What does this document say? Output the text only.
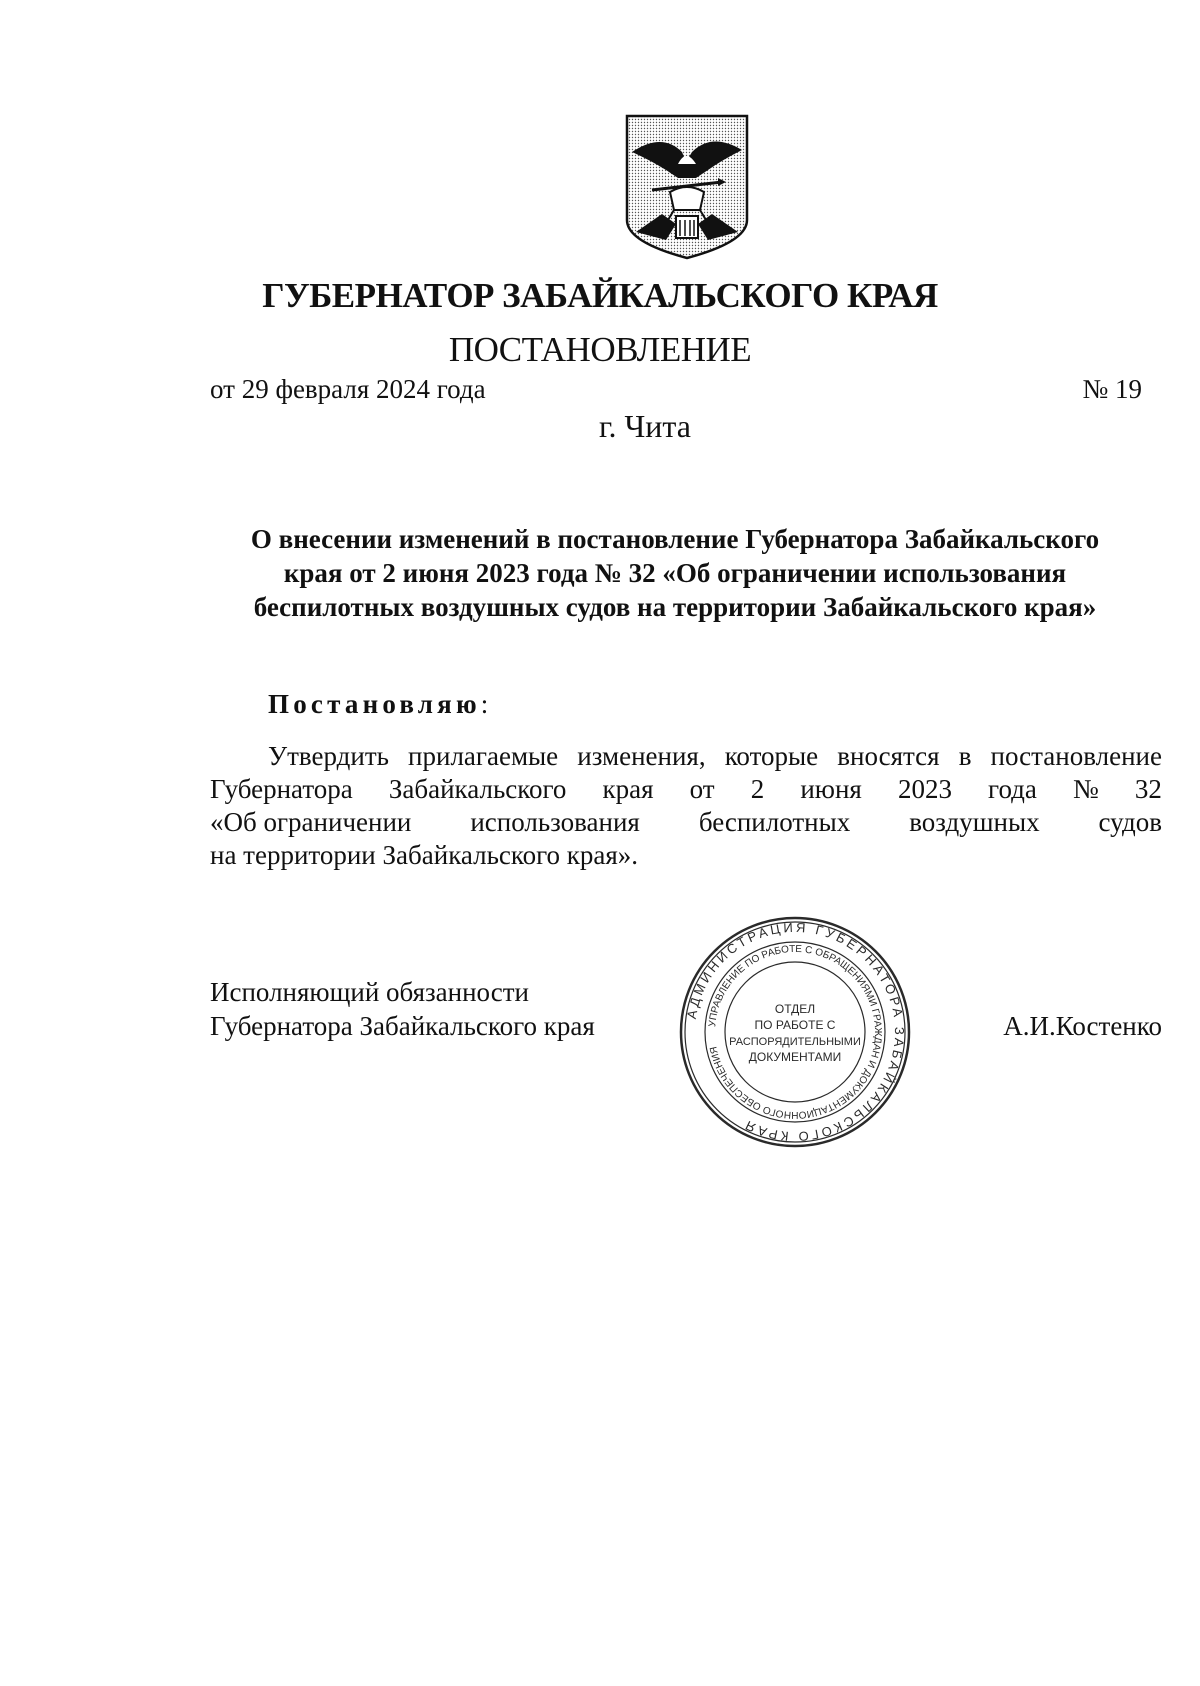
ГУБЕРНАТОР ЗАБАЙКАЛЬСКОГО КРАЯ
ПОСТАНОВЛЕНИЕ
от 29 февраля 2024 года	№ 19
г. Чита
О внесении изменений в постановление Губернатора Забайкальского
края от 2 июня 2023 года № 32 «Об ограничении использования
беспилотных воздушных судов на территории Забайкальского края»
Постановляю:
Утвердить прилагаемые изменения, которые вносятся в постановление
Губернатора Забайкальского края от 2 июня 2023 года № 32
«Об ограничении использования беспилотных воздушных судов
на территории Забайкальского края».
Исполняющий обязанности
Губернатора Забайкальского края	А.И.Костенко
АДМИНИСТРАЦИЯ ГУБЕРНАТОРА ЗАБАЙКАЛЬСКОГО КРАЯ
УПРАВЛЕНИЕ ПО РАБОТЕ С ОБРАЩЕНИЯМИ ГРАЖДАН И ДОКУМЕНТАЦИОННОГО ОБЕСПЕЧЕНИЯ
ОТДЕЛ
ПО РАБОТЕ С
РАСПОРЯДИТЕЛЬНЫМИ
ДОКУМЕНТАМИ
